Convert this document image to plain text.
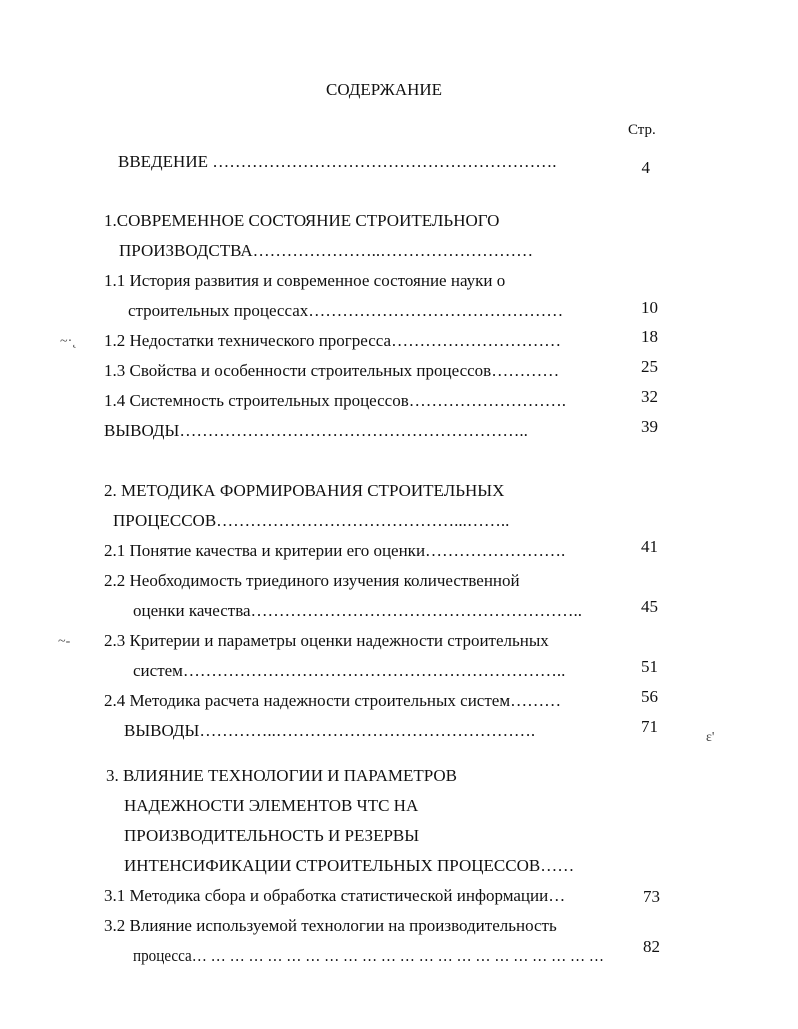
СОДЕРЖАНИЕ
Стр.
ВВЕДЕНИЕ …………………………………………………….	4
1.СОВРЕМЕННОЕ СОСТОЯНИЕ СТРОИТЕЛЬНОГО
ПРОИЗВОДСТВА…………………..………………………
1.1 История развития и современное состояние науки о
строительных процессах………………………………………	10
~·˛ 1.2 Недостатки технического прогресса…………………………	18
1.3 Свойства и особенности строительных процессов…………	25
1.4 Системность строительных процессов……………………….	32
ВЫВОДЫ……………………………………………………..	39
2. МЕТОДИКА ФОРМИРОВАНИЯ СТРОИТЕЛЬНЫХ
ПРОЦЕССОВ……………………………………...……..
2.1 Понятие качества и критерии его оценки…………………….	41
2.2 Необходимость триединого изучения количественной
оценки качества…………………………………………………..	45
~‐ 2.3 Критерии и параметры оценки надежности строительных
систем…………………………………………………………..	51
2.4 Методика расчета надежности строительных систем………	56
ВЫВОДЫ…………..……………………………………….	71
ɛ'
3. ВЛИЯНИЕ ТЕХНОЛОГИИ И ПАРАМЕТРОВ
НАДЕЖНОСТИ ЭЛЕМЕНТОВ ЧТС НА
ПРОИЗВОДИТЕЛЬНОСТЬ И РЕЗЕРВЫ
ИНТЕНСИФИКАЦИИ СТРОИТЕЛЬНЫХ ПРОЦЕССОВ……
3.1 Методика сбора и обработка статистической информации…	73
3.2 Влияние используемой технологии на производительность
процесса… … … … … … … … … … … … … … … … … … … … … …	82
